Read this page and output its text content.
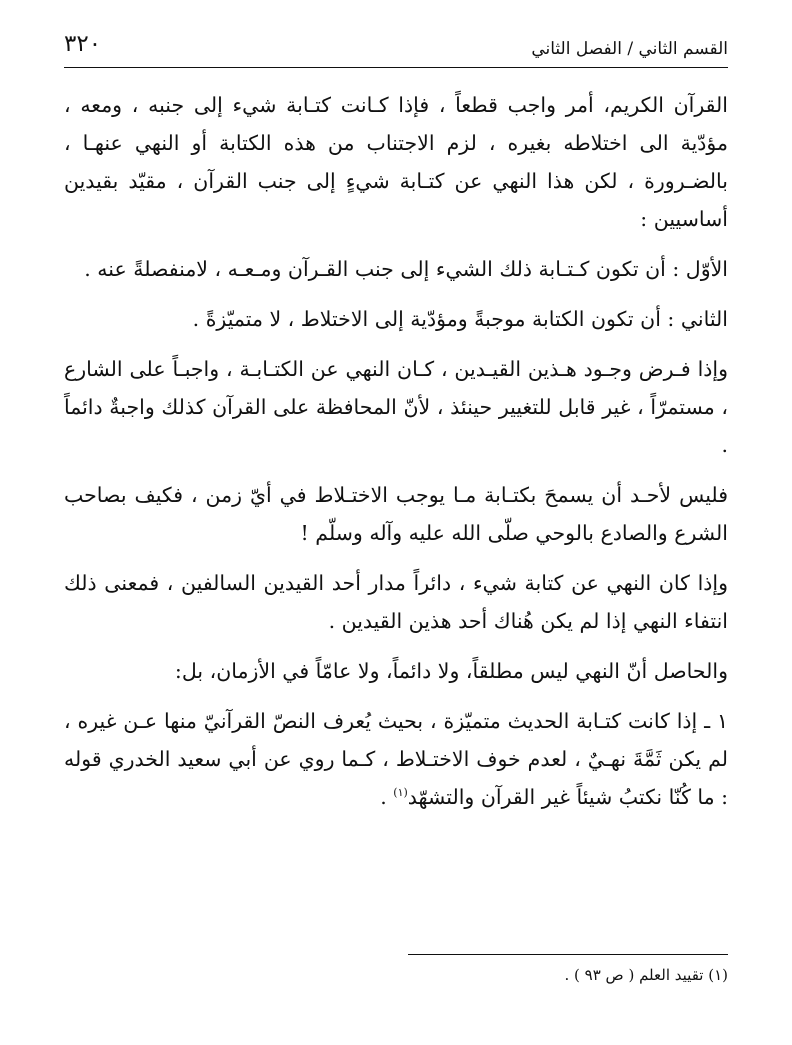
القسم الثاني / الفصل الثاني
٣٢٠

القرآن الكريم، أمر واجب قطعاً ، فإذا كـانت كتـابة شيء إلى جنبه ، ومعه ، مؤدّية الى اختلاطه بغيره ، لزم الاجتناب من هذه الكتابة أو النهي عنهـا ، بالضـرورة ، لكن هذا النهي عن كتـابة شيءٍ إلى جنب القرآن ، مقيّد بقيدين أساسيين :

الأوّل : أن تكون كـتـابة ذلك الشيء إلى جنب القـرآن ومـعـه ، لامنفصلةً عنه .

الثاني : أن تكون الكتابة موجبةً ومؤدّية إلى الاختلاط ، لا متميّزةً .

وإذا فـرض وجـود هـذين القيـدين ، كـان النهي عن الكتـابـة ، واجبـاً على الشارع ، مستمرّاً ، غير قابل للتغيير حينئذ ، لأنّ المحافظة على القرآن كذلك واجبةٌ دائماً .

فليس لأحـد أن يسمحَ بكتـابة مـا يوجب الاختـلاط في أيّ زمن ، فكيف بصاحب الشرع والصادع بالوحي صلّى الله عليه وآله وسلّم !

وإذا كان النهي عن كتابة شيء ، دائراً مدار أحد القيدين السالفين ، فمعنى ذلك انتفاء النهي إذا لم يكن هُناك أحد هذين القيدين .

والحاصل أنّ النهي ليس مطلقاً، ولا دائماً، ولا عامّاً في الأزمان، بل:

١ ـ إذا كانت كتـابة الحديث متميّزة ، بحيث يُعرف النصّ القرآنيّ منها عـن غيره ، لم يكن ثَمَّةَ نهـيٌ ، لعدم خوف الاختـلاط ، كـما روي عن أبي سعيد الخدري قوله : ما كُنّا نكتبُ شيئاً غير القرآن والتشهّد$^{(١)}$ .

(١) تقييد العلم ( ص ٩٣ ) .
